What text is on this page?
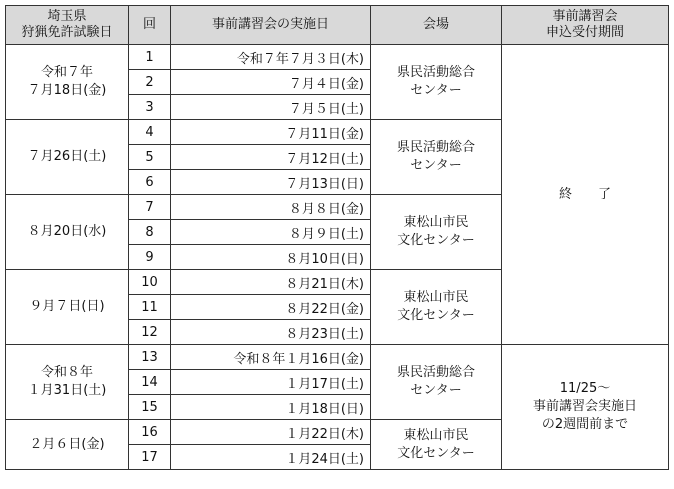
埼玉県
狩猟免許試験日	回	事前講習会の実施日	会場	事前講習会
申込受付期間

令和７年
７月18日(金)	1	令和７年７月３日(木)	県民活動総合
センター	終了

	2	７月４日(金)		
	3	７月５日(土)		

７月26日(土)	4	７月11日(金)	県民活動総合
センター	

	5	７月12日(土)		
	6	７月13日(日)		

８月20日(水)	7	８月８日(金)	東松山市民
文化センター	

	8	８月９日(土)		
	9	８月10日(日)		

９月７日(日)	10	８月21日(木)	東松山市民
文化センター	

	11	８月22日(金)		
	12	８月23日(土)		

令和８年
１月31日(土)	13	令和８年１月16日(金)	県民活動総合
センター	11/25～
事前講習会実施日
の2週間前まで

	14	１月17日(土)		
	15	１月18日(日)		

２月６日(金)	16	１月22日(木)	東松山市民
文化センター	

	17	１月24日(土)		
